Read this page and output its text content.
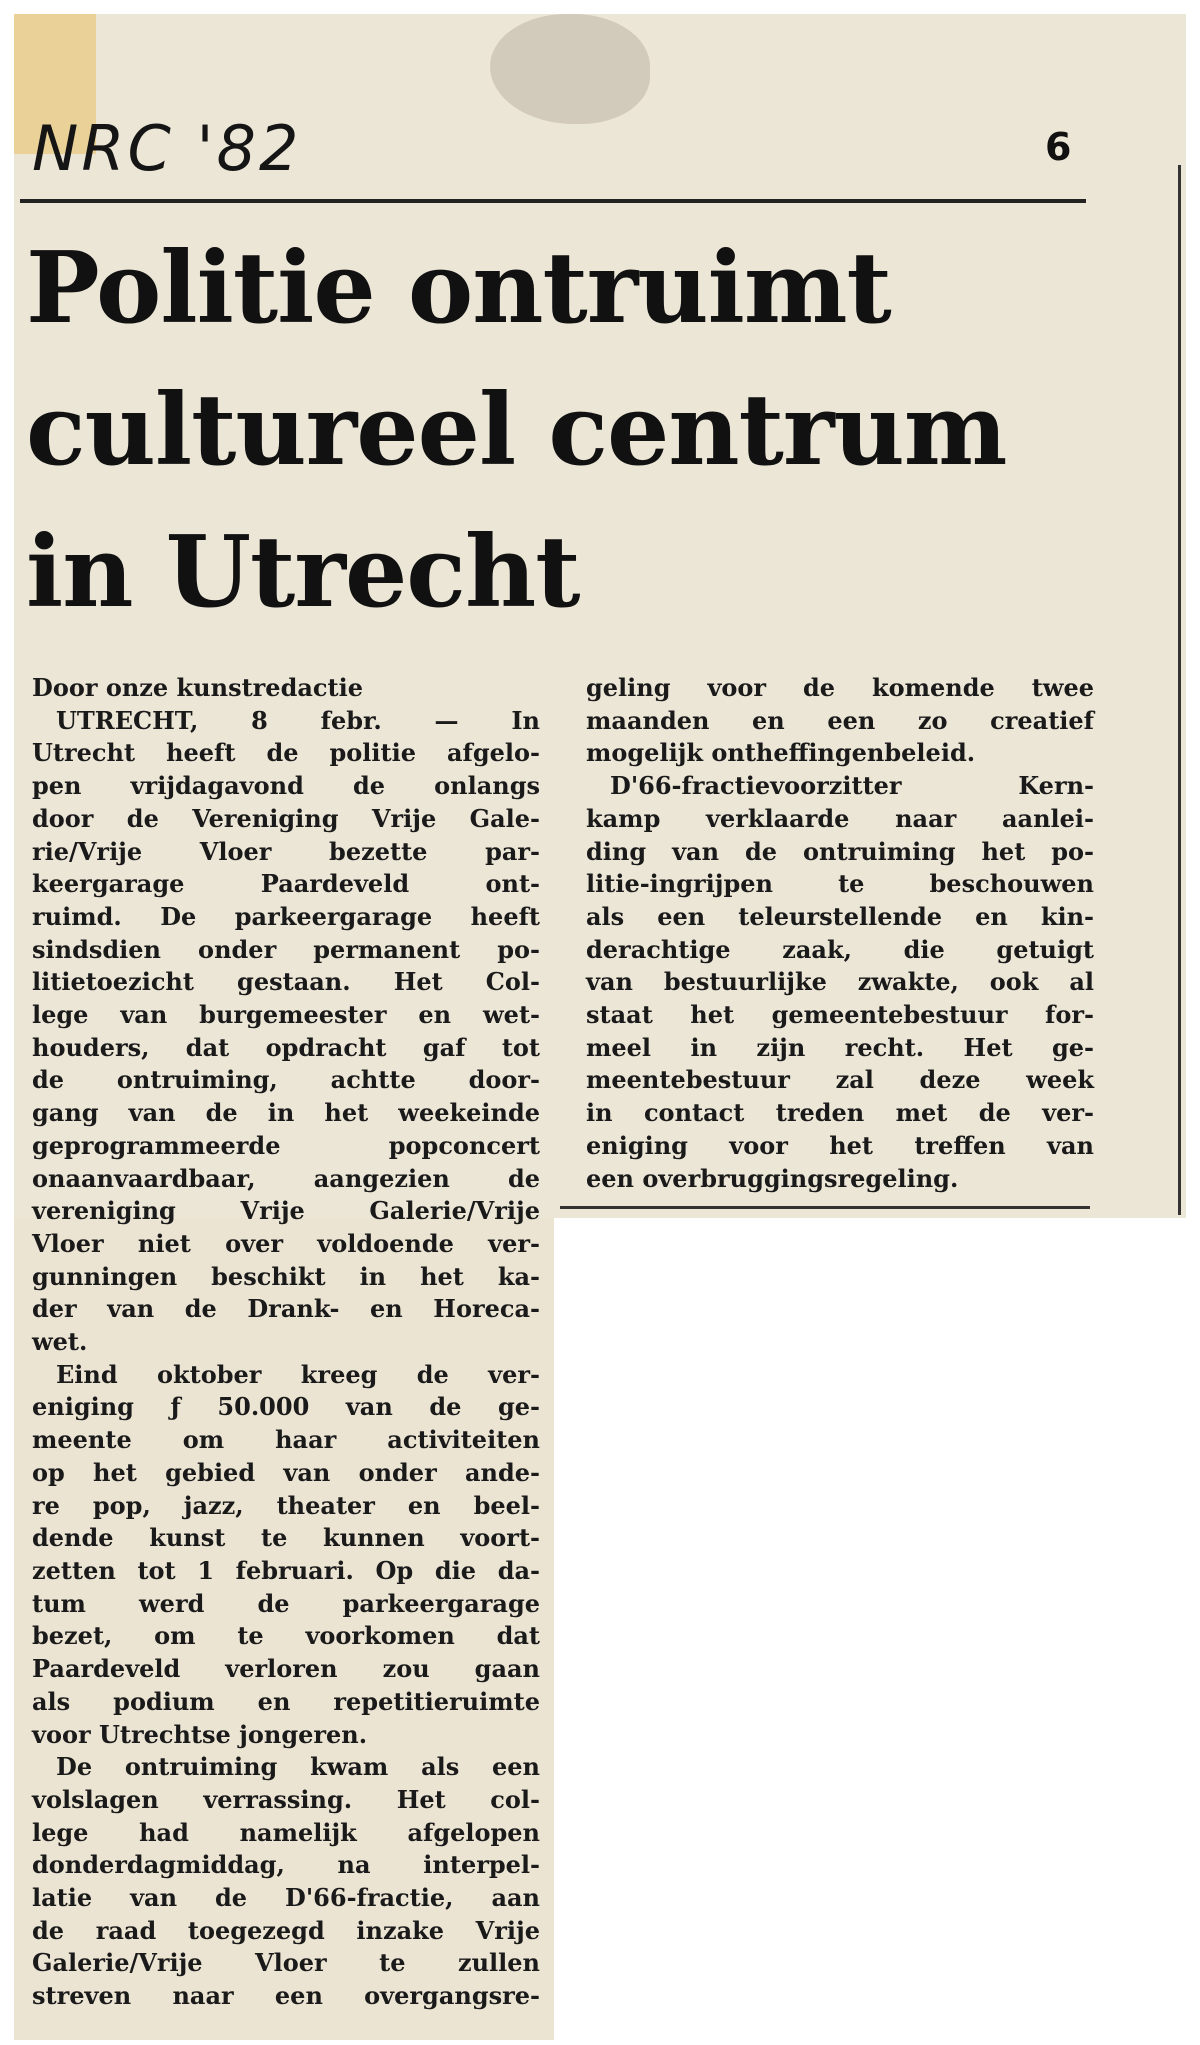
NRC '82	6
Politie ontruimt
cultureel centrum
in Utrecht

Door onze kunstredactie

UTRECHT, 8 febr. — In

Utrecht heeft de politie afgelo-

pen vrijdagavond de onlangs

door de Vereniging Vrije Gale-

rie/Vrije Vloer bezette par-

keergarage Paardeveld ont-

ruimd. De parkeergarage heeft

sindsdien onder permanent po-

litietoezicht gestaan. Het Col-

lege van burgemeester en wet-

houders, dat opdracht gaf tot

de ontruiming, achtte door-

gang van de in het weekeinde

geprogrammeerde popconcert

onaanvaardbaar, aangezien de

vereniging Vrije Galerie/Vrije

Vloer niet over voldoende ver-

gunningen beschikt in het ka-

der van de Drank- en Horeca-

wet.

Eind oktober kreeg de ver-

eniging ƒ 50.000 van de ge-

meente om haar activiteiten

op het gebied van onder ande-

re pop, jazz, theater en beel-

dende kunst te kunnen voort-

zetten tot 1 februari. Op die da-

tum werd de parkeergarage

bezet, om te voorkomen dat

Paardeveld verloren zou gaan

als podium en repetitieruimte

voor Utrechtse jongeren.

De ontruiming kwam als een

volslagen verrassing. Het col-

lege had namelijk afgelopen

donderdagmiddag, na interpel-

latie van de D'66-fractie, aan

de raad toegezegd inzake Vrije

Galerie/Vrije Vloer te zullen

streven naar een overgangsre-

geling voor de komende twee

maanden en een zo creatief

mogelijk ontheffingenbeleid.

D'66-fractievoorzitter Kern-

kamp verklaarde naar aanlei-

ding van de ontruiming het po-

litie-ingrijpen te beschouwen

als een teleurstellende en kin-

derachtige zaak, die getuigt

van bestuurlijke zwakte, ook al

staat het gemeentebestuur for-

meel in zijn recht. Het ge-

meentebestuur zal deze week

in contact treden met de ver-

eniging voor het treffen van

een overbruggingsregeling.
